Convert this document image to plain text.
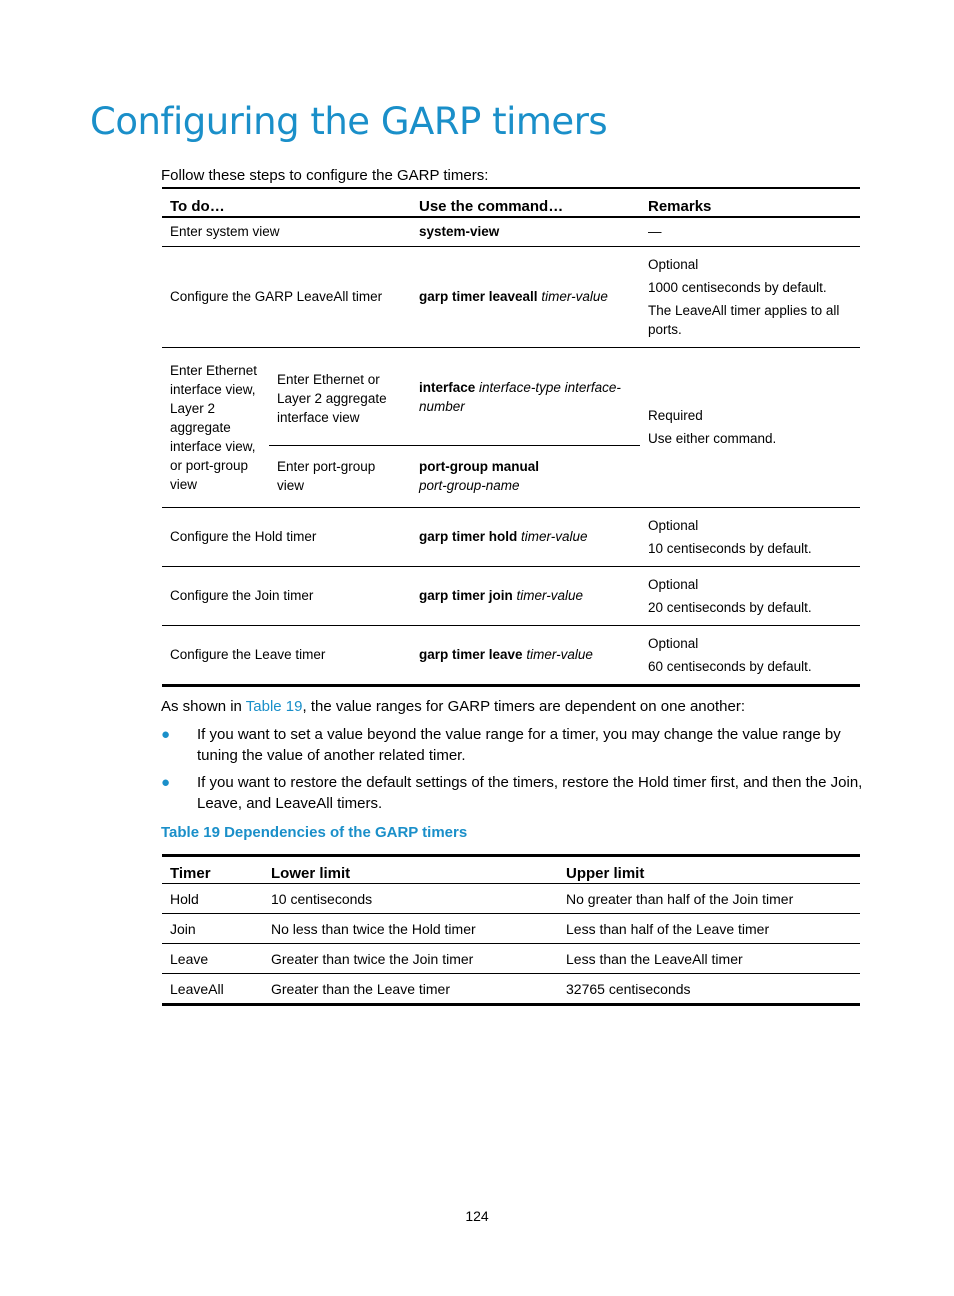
Configuring the GARP timers
Follow these steps to configure the GARP timers:
To do…		Use the command…	Remarks
Enter system view		system-view	—
Configure the GARP LeaveAll timer		garp timer leaveall timer-value	Optional

1000 centiseconds by default.

The LeaveAll timer applies to all ports.

Enter Ethernet interface view, Layer 2 aggregate interface view, or port-group view	Enter Ethernet or Layer 2 aggregate interface view	interface interface-type interface-number	Required

Use either command.

	Enter port-group view	port-group manual
port-group-name	
Configure the Hold timer		garp timer hold timer-value	Optional

10 centiseconds by default.

Configure the Join timer		garp timer join timer-value	Optional

20 centiseconds by default.

Configure the Leave timer		garp timer leave timer-value	Optional

60 centiseconds by default.

As shown in Table 19, the value ranges for GARP timers are dependent on one another:
● If you want to set a value beyond the value range for a timer, you may change the value range by tuning the value of another related timer.
● If you want to restore the default settings of the timers, restore the Hold timer first, and then the Join, Leave, and LeaveAll timers.
Table 19 Dependencies of the GARP timers
Timer	Lower limit	Upper limit
Hold	10 centiseconds	No greater than half of the Join timer
Join	No less than twice the Hold timer	Less than half of the Leave timer
Leave	Greater than twice the Join timer	Less than the LeaveAll timer
LeaveAll	Greater than the Leave timer	32765 centiseconds
124
